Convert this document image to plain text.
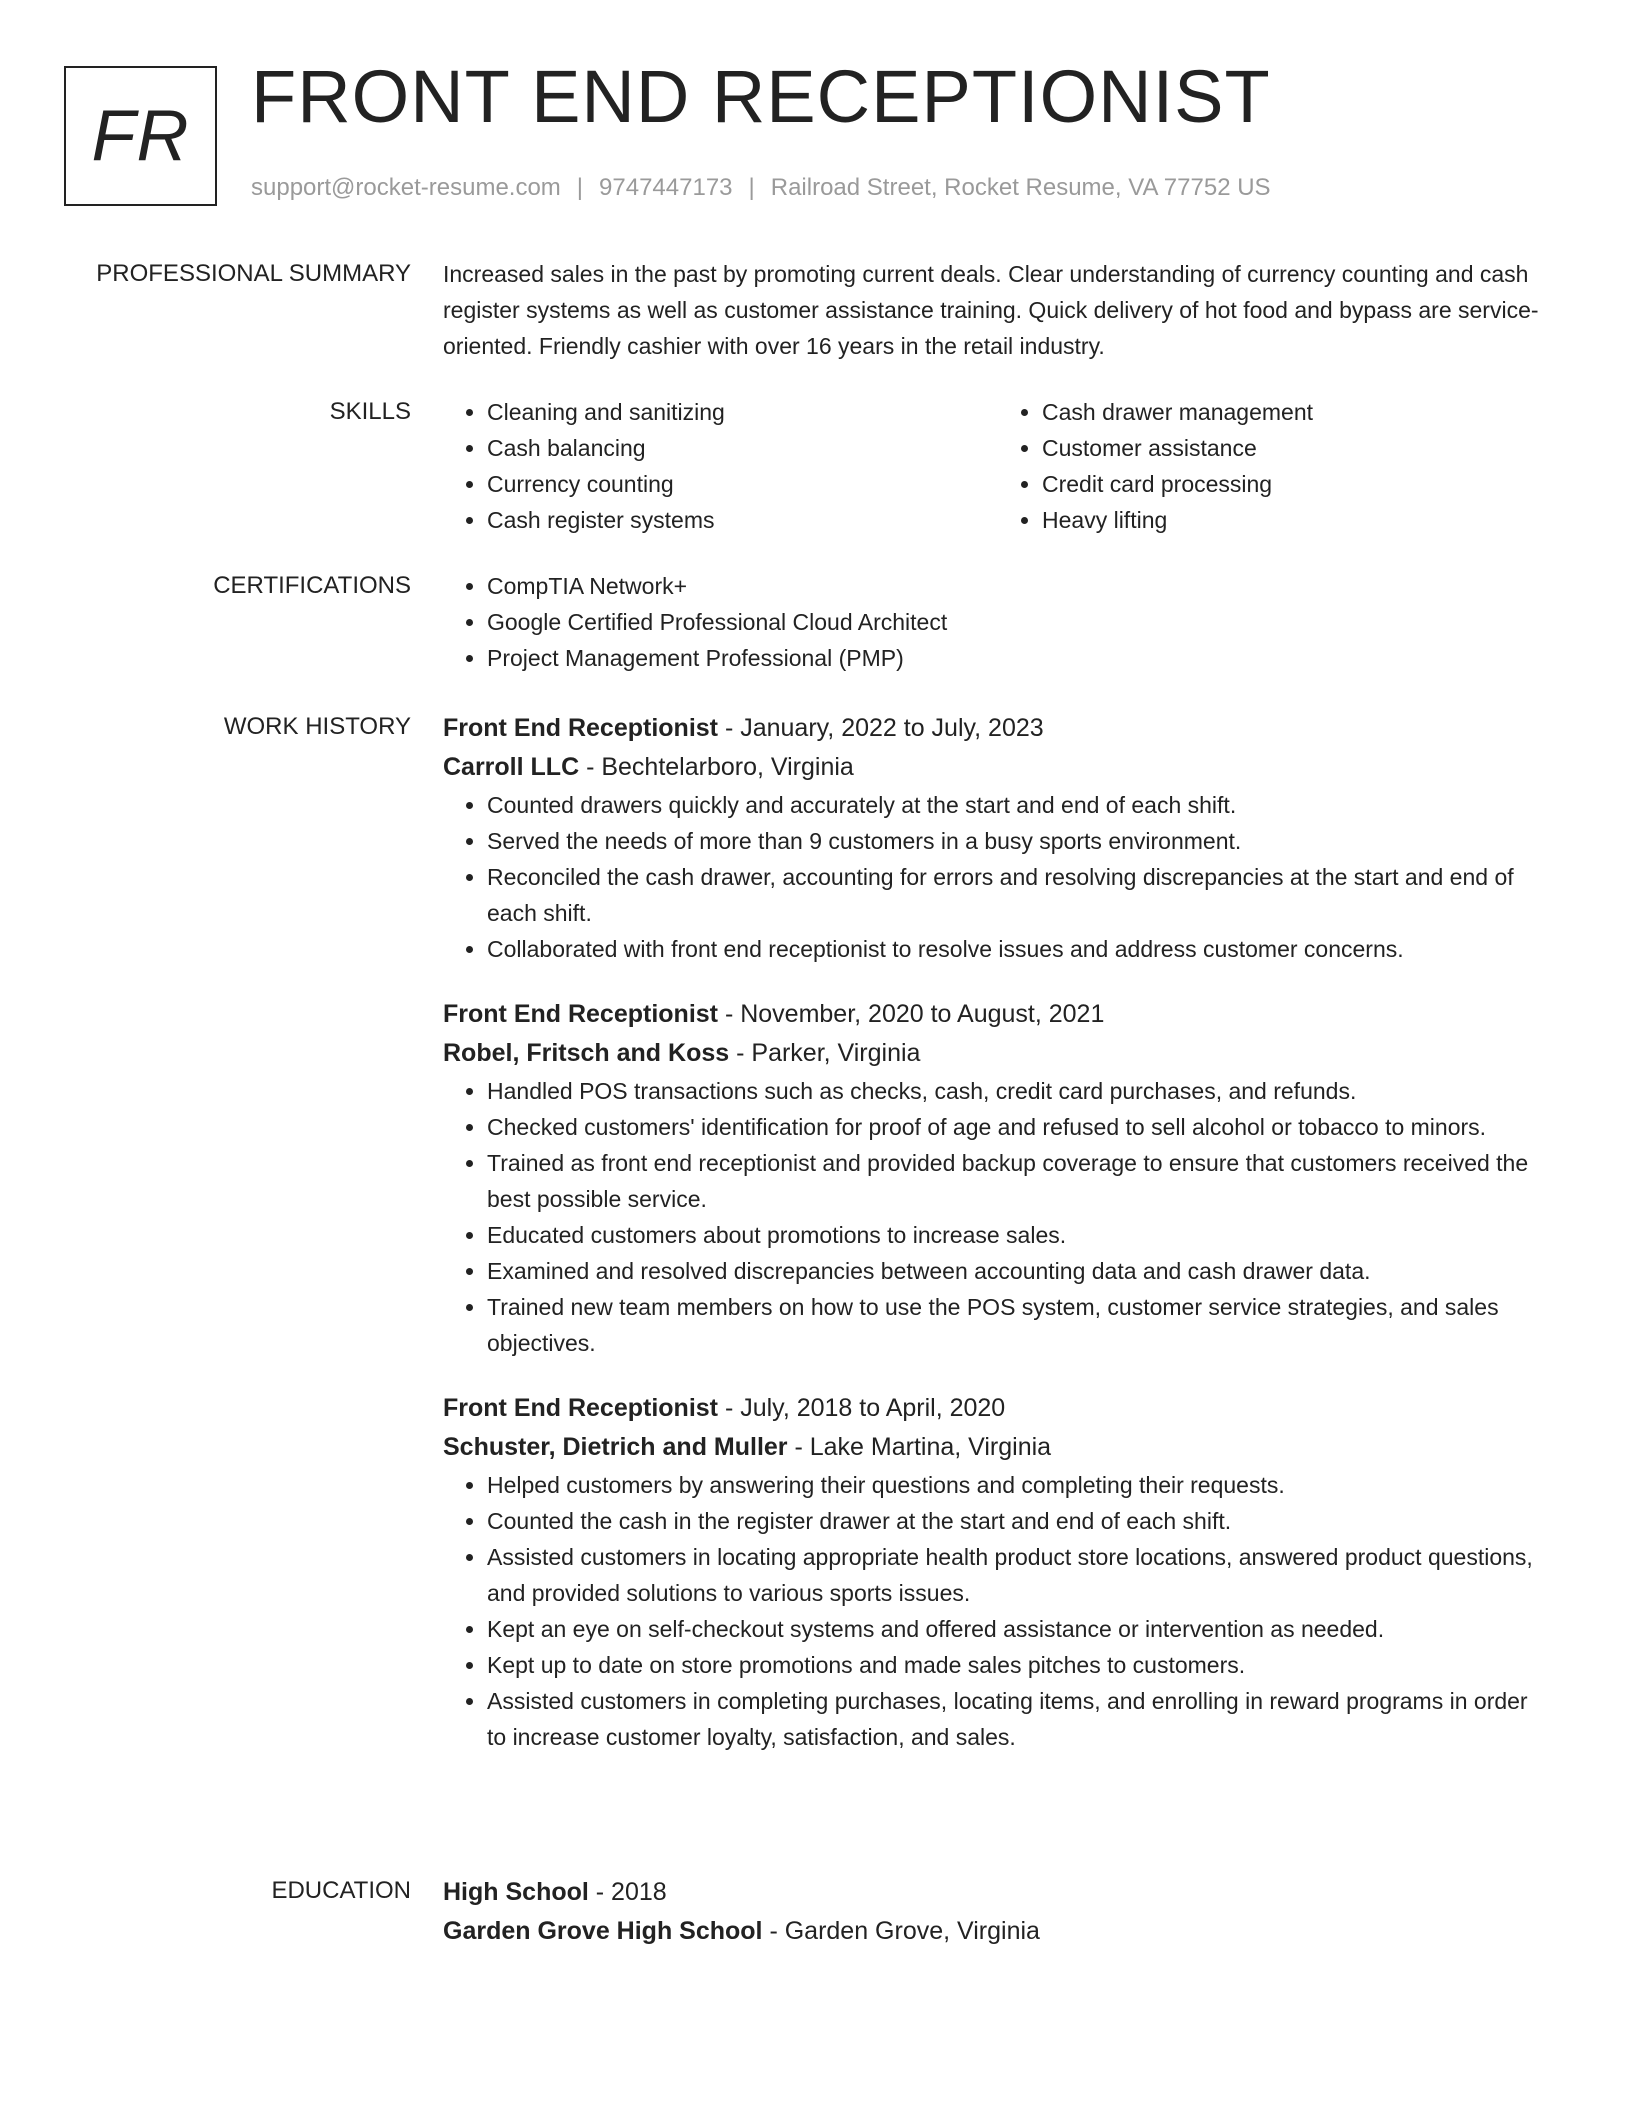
FR FRONT END RECEPTIONIST
support@rocket-resume.com | 9747447173 | Railroad Street, Rocket Resume, VA 77752 US
PROFESSIONAL SUMMARY Increased sales in the past by promoting current deals. Clear understanding of currency counting and cash register systems as well as customer assistance training. Quick delivery of hot food and bypass are service-oriented. Friendly cashier with over 16 years in the retail industry.
SKILLS	• Cleaning and sanitizing
• Cash balancing
• Currency counting
• Cash register systems
• Cash drawer management
• Customer assistance
• Credit card processing
• Heavy lifting
CERTIFICATIONS	• CompTIA Network+
• Google Certified Professional Cloud Architect
• Project Management Professional (PMP)
WORK HISTORY Front End Receptionist - January, 2022 to July, 2023
Carroll LLC - Bechtelarboro, Virginia
• Counted drawers quickly and accurately at the start and end of each shift.
• Served the needs of more than 9 customers in a busy sports environment.
• Reconciled the cash drawer, accounting for errors and resolving discrepancies at the start and end of each shift.
• Collaborated with front end receptionist to resolve issues and address customer concerns.
Front End Receptionist - November, 2020 to August, 2021
Robel, Fritsch and Koss - Parker, Virginia
• Handled POS transactions such as checks, cash, credit card purchases, and refunds.
• Checked customers' identification for proof of age and refused to sell alcohol or tobacco to minors.
• Trained as front end receptionist and provided backup coverage to ensure that customers received the best possible service.
• Educated customers about promotions to increase sales.
• Examined and resolved discrepancies between accounting data and cash drawer data.
• Trained new team members on how to use the POS system, customer service strategies, and sales objectives.
Front End Receptionist - July, 2018 to April, 2020
Schuster, Dietrich and Muller - Lake Martina, Virginia
• Helped customers by answering their questions and completing their requests.
• Counted the cash in the register drawer at the start and end of each shift.
• Assisted customers in locating appropriate health product store locations, answered product questions, and provided solutions to various sports issues.
• Kept an eye on self-checkout systems and offered assistance or intervention as needed.
• Kept up to date on store promotions and made sales pitches to customers.
• Assisted customers in completing purchases, locating items, and enrolling in reward programs in order to increase customer loyalty, satisfaction, and sales.
EDUCATION High School - 2018
Garden Grove High School - Garden Grove, Virginia
